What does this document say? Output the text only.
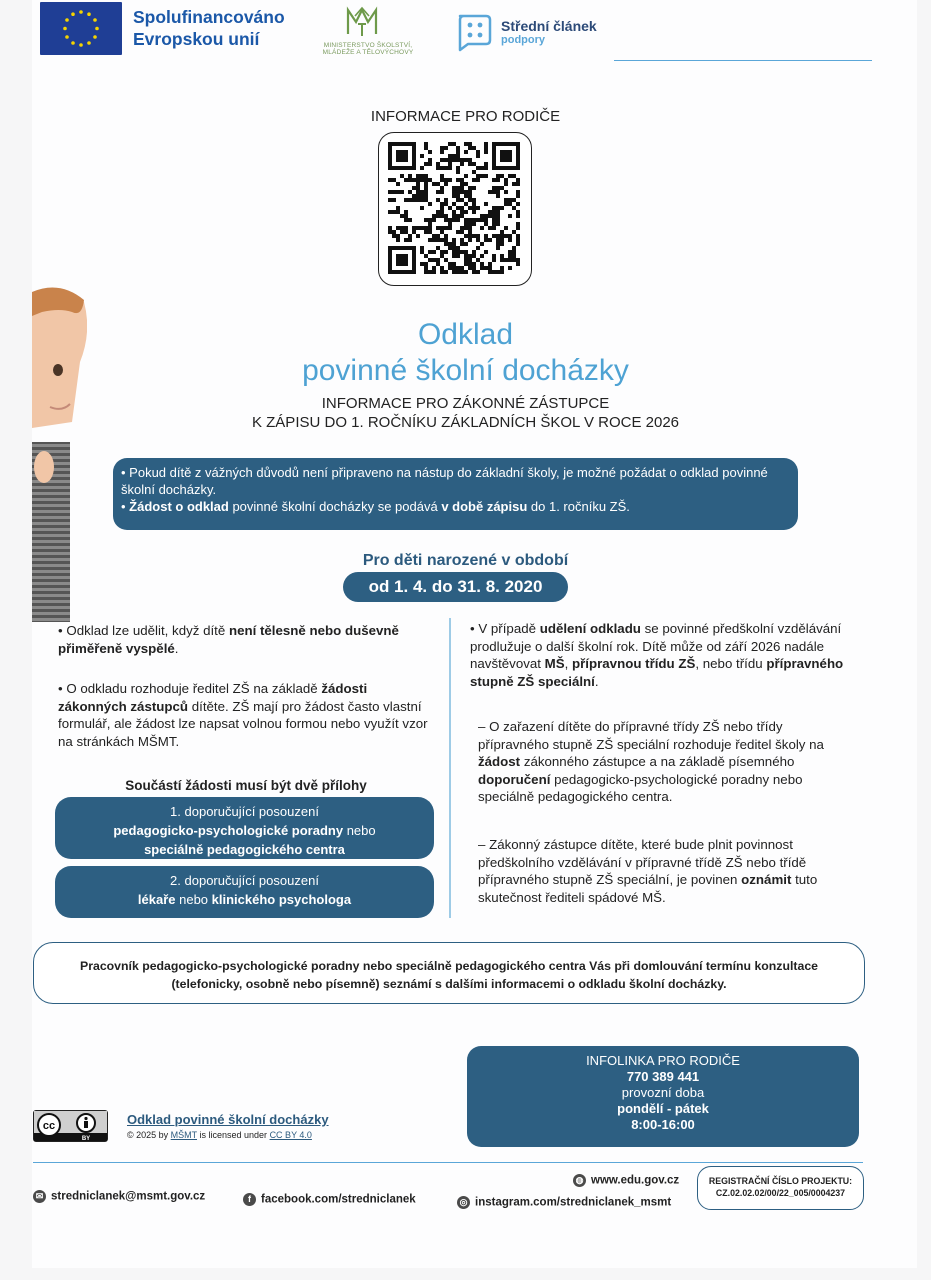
Spolufinancováno
Evropskou unií	MINISTERSTVO ŠKOLSTVÍ, MLÁDEŽE A TĚLOVÝCHOVY
Střední článek
podpory
INFORMACE PRO RODIČE
Odklad
povinné školní docházky
INFORMACE PRO ZÁKONNÉ ZÁSTUPCE
K ZÁPISU DO 1. ROČNÍKU ZÁKLADNÍCH ŠKOL V ROCE 2026
• Pokud dítě z vážných důvodů není připraveno na nástup do základní školy, je možné požádat o odklad povinné školní docházky.
• Žádost o odklad povinné školní docházky se podává v době zápisu do 1. ročníku ZŠ.
Pro děti narozené v období
od 1. 4. do 31. 8. 2020
• Odklad lze udělit, když dítě není tělesně nebo duševně přiměřeně vyspělé.
• O odkladu rozhoduje ředitel ZŠ na základě žádosti zákonných zástupců dítěte. ZŠ mají pro žádost často vlastní formulář, ale žádost lze napsat volnou formou nebo využít vzor na stránkách MŠMT.
Součástí žádosti musí být dvě přílohy
1. doporučující posouzení
pedagogicko-psychologické poradny nebo
speciálně pedagogického centra
2. doporučující posouzení
lékaře nebo klinického psychologa
• V případě udělení odkladu se povinné předškolní vzdělávání prodlužuje o další školní rok. Dítě může od září 2026 nadále navštěvovat MŠ, přípravnou třídu ZŠ, nebo třídu přípravného stupně ZŠ speciální.
– O zařazení dítěte do přípravné třídy ZŠ nebo třídy přípravného stupně ZŠ speciální rozhoduje ředitel školy na žádost zákonného zástupce a na základě písemného doporučení pedagogicko-psychologické poradny nebo speciálně pedagogického centra.
– Zákonný zástupce dítěte, které bude plnit povinnost předškolního vzdělávání v přípravné třídě ZŠ nebo třídě přípravného stupně ZŠ speciální, je povinen oznámit tuto skutečnost řediteli spádové MŠ.
Pracovník pedagogicko-psychologické poradny nebo speciálně pedagogického centra Vás při domlouvání termínu konzultace (telefonicky, osobně nebo písemně) seznámí s dalšími informacemi o odkladu školní docházky.
INFOLINKA PRO RODIČE
770 389 441
provozní doba
pondělí - pátek
8:00-16:00
cc
BY
Odklad povinné školní docházky
© 2025 by MŠMT is licensed under CC BY 4.0
◍ www.edu.gov.cz
✉ stredniclanek@msmt.gov.cz	f facebook.com/stredniclanek	◎ instagram.com/stredniclanek_msmt
REGISTRAČNÍ ČÍSLO PROJEKTU:
CZ.02.02.02/00/22_005/0004237
